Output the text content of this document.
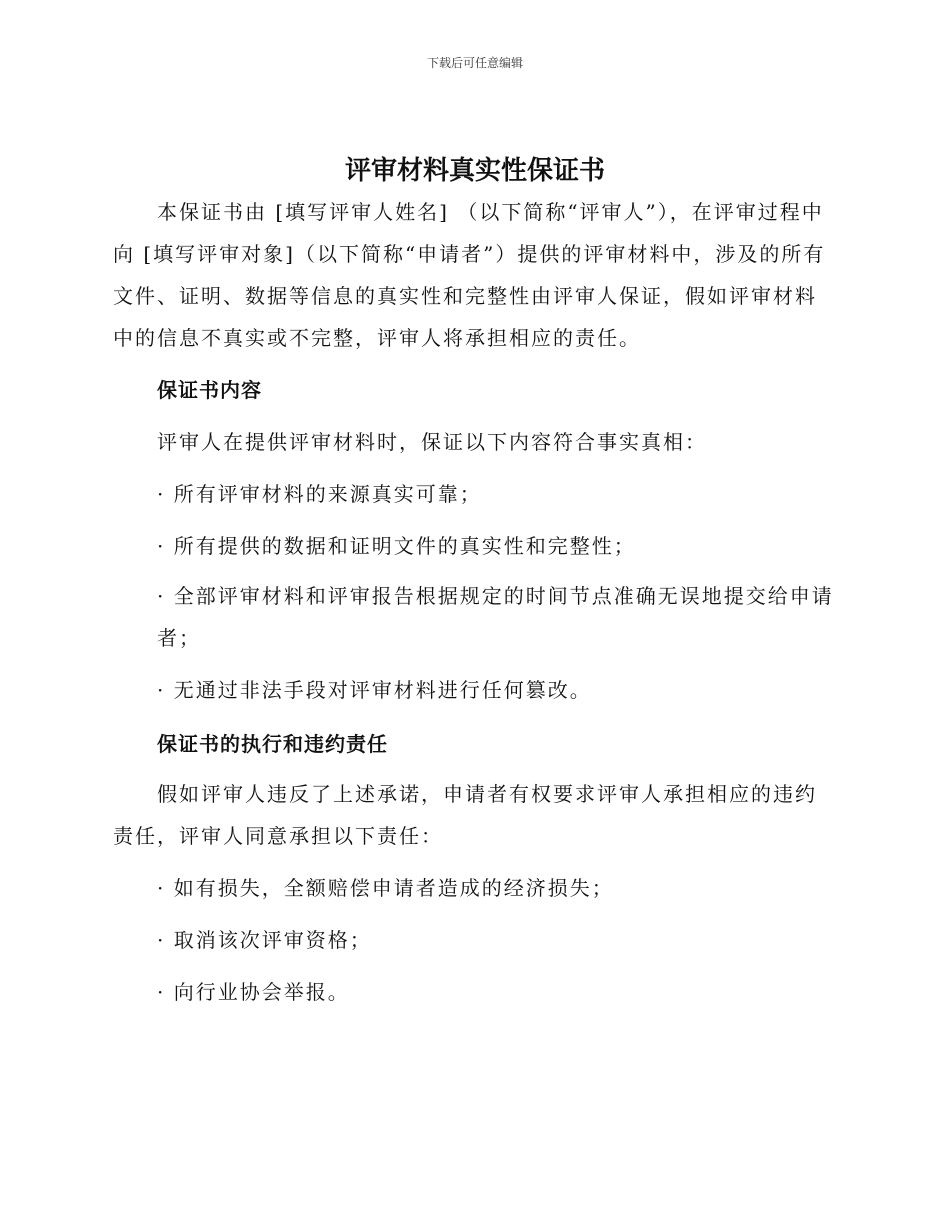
下载后可任意编辑
评审材料真实性保证书

本保证书由 [填写评审人姓名] （以下简称“评审人”），在评审过程中向 [填写评审对象]（以下简称“申请者”）提供的评审材料中，涉及的所有文件、证明、数据等信息的真实性和完整性由评审人保证，假如评审材料中的信息不真实或不完整，评审人将承担相应的责任。

保证书内容

评审人在提供评审材料时，保证以下内容符合事实真相：

· 所有评审材料的来源真实可靠；

· 所有提供的数据和证明文件的真实性和完整性；

· 全部评审材料和评审报告根据规定的时间节点准确无误地提交给申请者；

· 无通过非法手段对评审材料进行任何篡改。

保证书的执行和违约责任

假如评审人违反了上述承诺，申请者有权要求评审人承担相应的违约责任，评审人同意承担以下责任：

· 如有损失，全额赔偿申请者造成的经济损失；

· 取消该次评审资格；

· 向行业协会举报。
